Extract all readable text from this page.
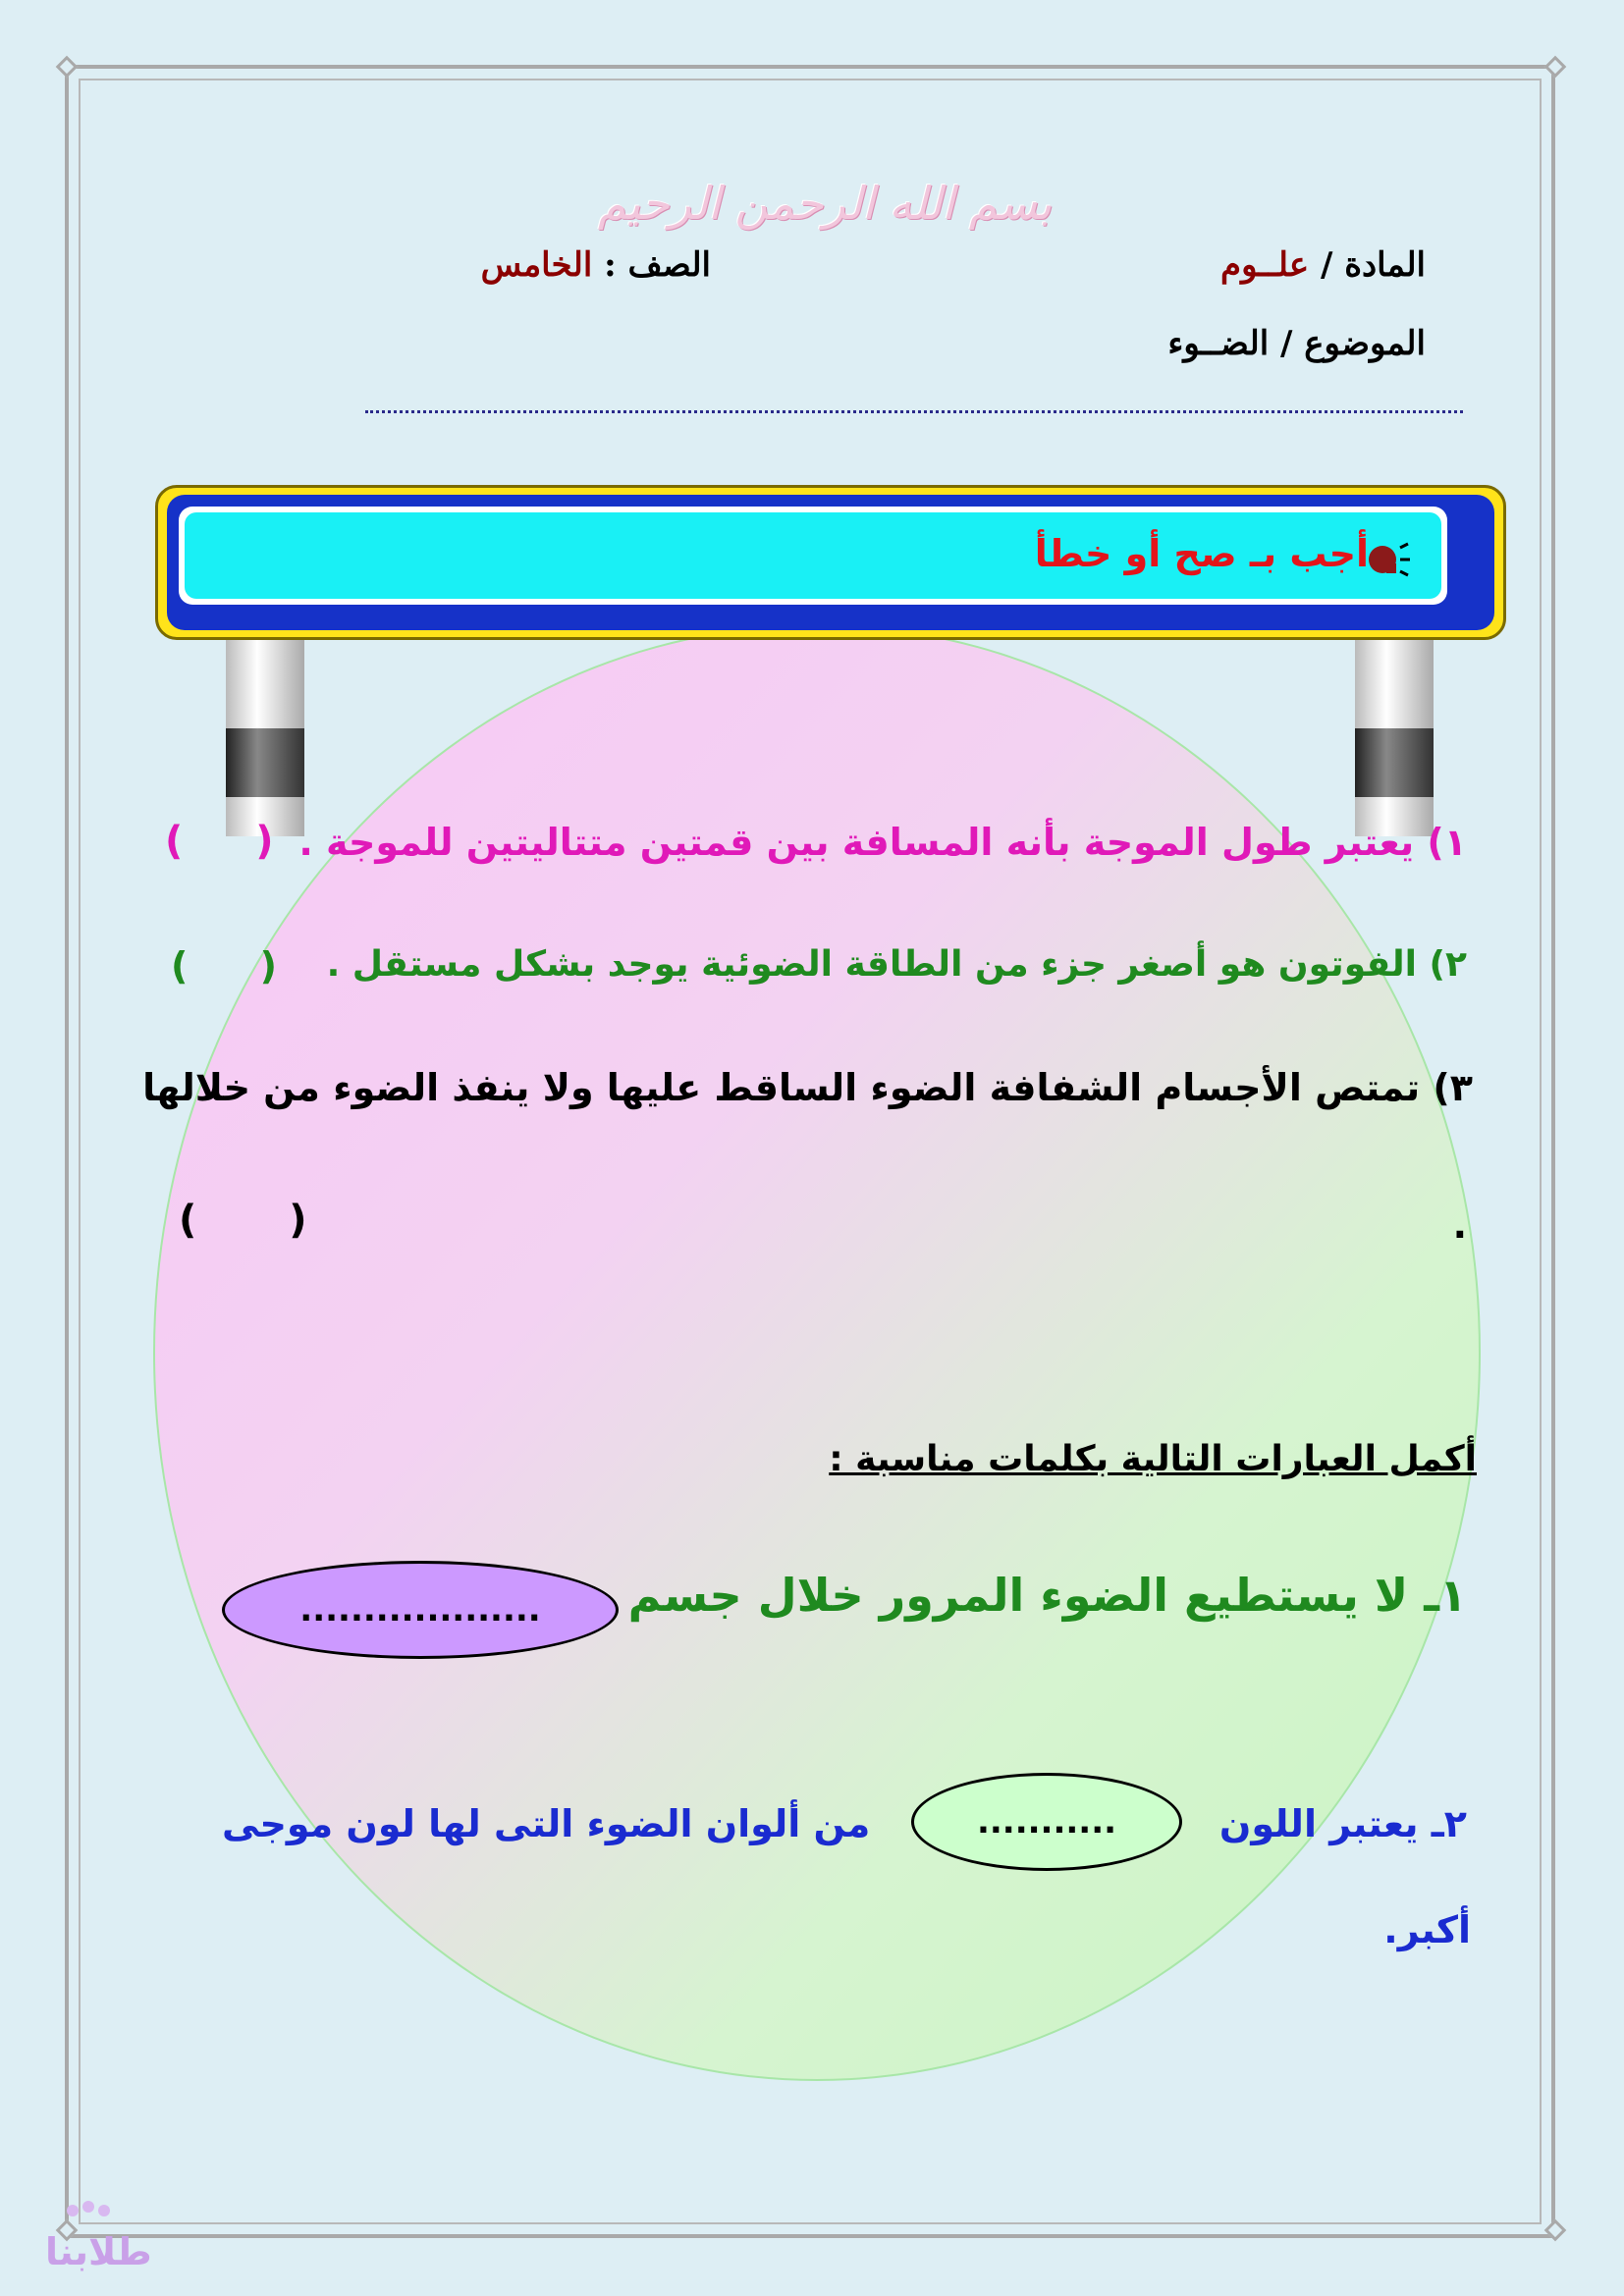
بسم الله الرحمن الرحيم
المادة / علــوم
الصف : الخامس
الموضوع / الضــوء
أجب بـ صح أو خطأ
١) يعتبر طول الموجة بأنه المسافة بين قمتين متتاليتين للموجة .
( )
٢) الفوتون هو أصغر جزء من الطاقة الضوئية يوجد بشكل مستقل .
( )
٣) تمتص الأجسام الشفافة الضوء الساقط عليها ولا ينفذ الضوء من خلالها
.
( )
أكمل العبارات التالية بكلمات مناسبة :
١ـ لا يستطيع الضوء المرور خلال جسم
...................
٢ـ يعتبر اللون
...........
من ألوان الضوء التى لها لون موجى
أكبر.
طلابنا
